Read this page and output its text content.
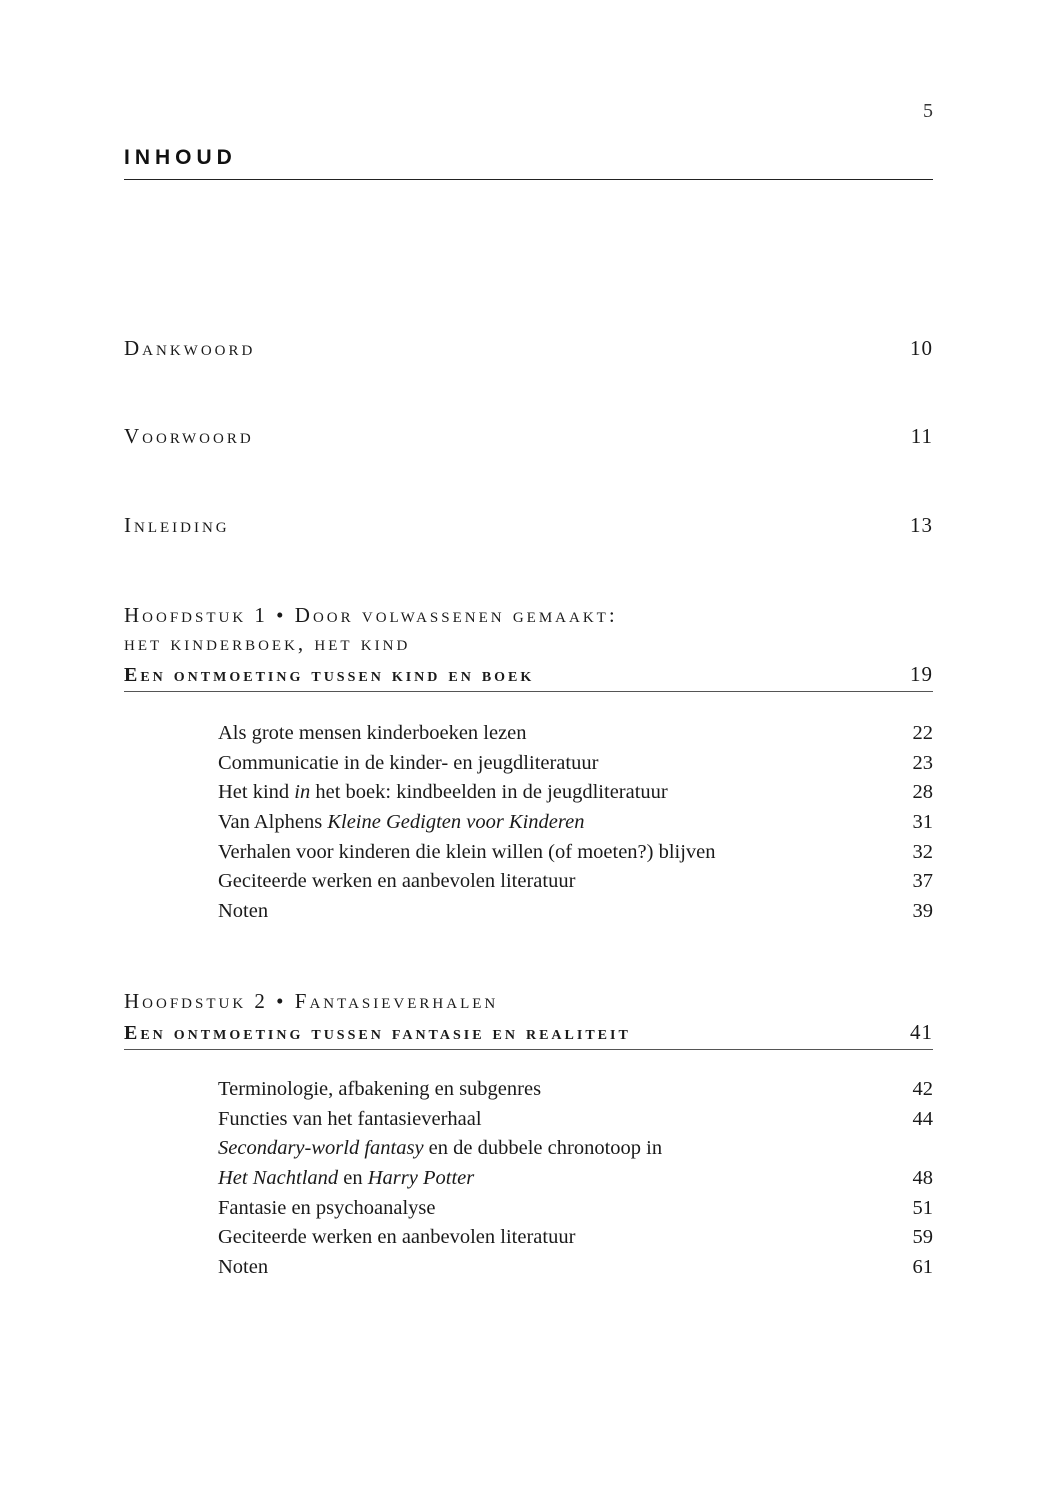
5
INHOUD
Dankwoord	10
Voorwoord	11
Inleiding	13
Hoofdstuk 1 • Door volwassenen gemaakt:
het kinderboek, het kind
Een ontmoeting tussen kind en boek	19
Als grote mensen kinderboeken lezen	22
Communicatie in de kinder- en jeugdliteratuur	23
Het kind in het boek: kindbeelden in de jeugdliteratuur	28
Van Alphens Kleine Gedigten voor Kinderen	31
Verhalen voor kinderen die klein willen (of moeten?) blijven	32
Geciteerde werken en aanbevolen literatuur	37
Noten	39
Hoofdstuk 2 • Fantasieverhalen
Een ontmoeting tussen fantasie en realiteit	41
Terminologie, afbakening en subgenres	42
Functies van het fantasieverhaal	44
Secondary-world fantasy en de dubbele chronotoop in
Het Nachtland en Harry Potter	48
Fantasie en psychoanalyse	51
Geciteerde werken en aanbevolen literatuur	59
Noten	61
